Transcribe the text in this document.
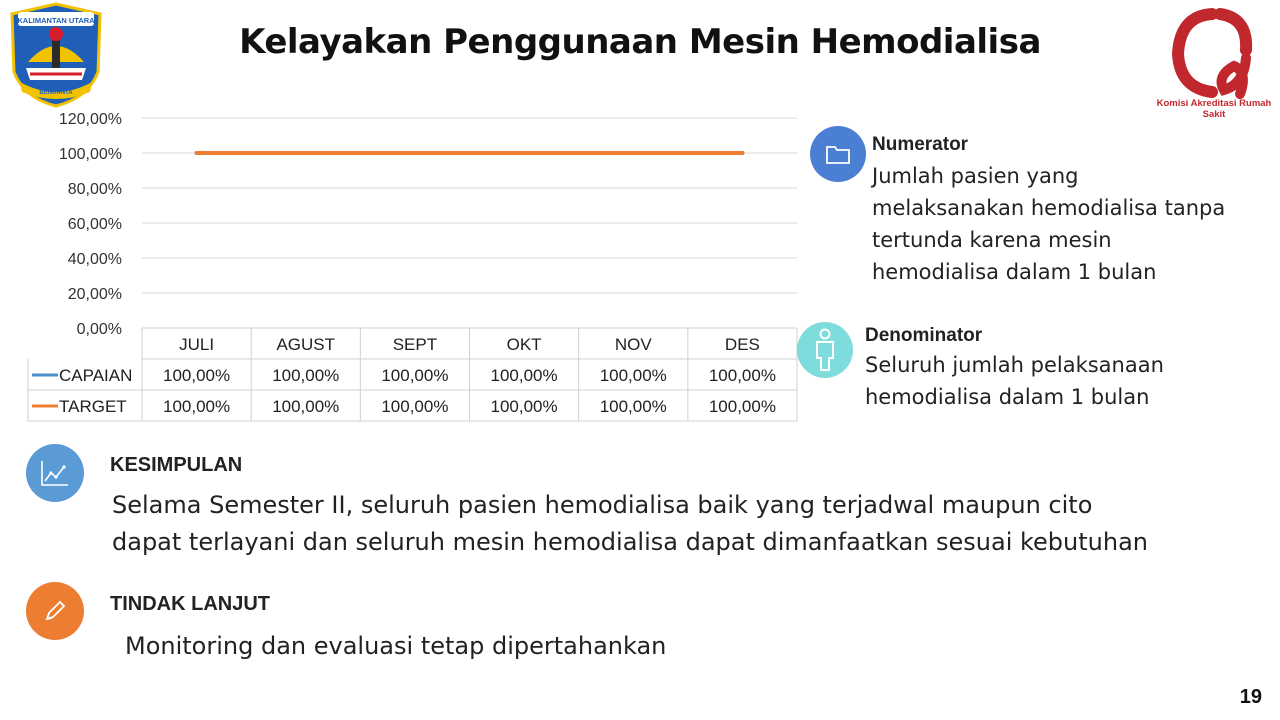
Kelayakan Penggunaan Mesin Hemodialisa
KALIMANTAN UTARA
BENUANTA
Komisi Akreditasi Rumah Sakit
120,00%
100,00%
80,00%
60,00%
40,00%
20,00%
0,00%
JULI	AGUST	SEPT	OKT	NOV	DES
CAPAIAN 100,00% 100,00% 100,00% 100,00% 100,00% 100,00%
TARGET 100,00% 100,00% 100,00% 100,00% 100,00% 100,00%
Numerator
Jumlah pasien yang
melaksanakan hemodialisa tanpa
tertunda karena mesin
hemodialisa dalam 1 bulan
Denominator
Seluruh jumlah pelaksanaan
hemodialisa dalam 1 bulan
KESIMPULAN
Selama Semester II, seluruh pasien hemodialisa baik yang terjadwal maupun cito
dapat terlayani dan seluruh mesin hemodialisa dapat dimanfaatkan sesuai kebutuhan
TINDAK LANJUT
Monitoring dan evaluasi tetap dipertahankan
19
